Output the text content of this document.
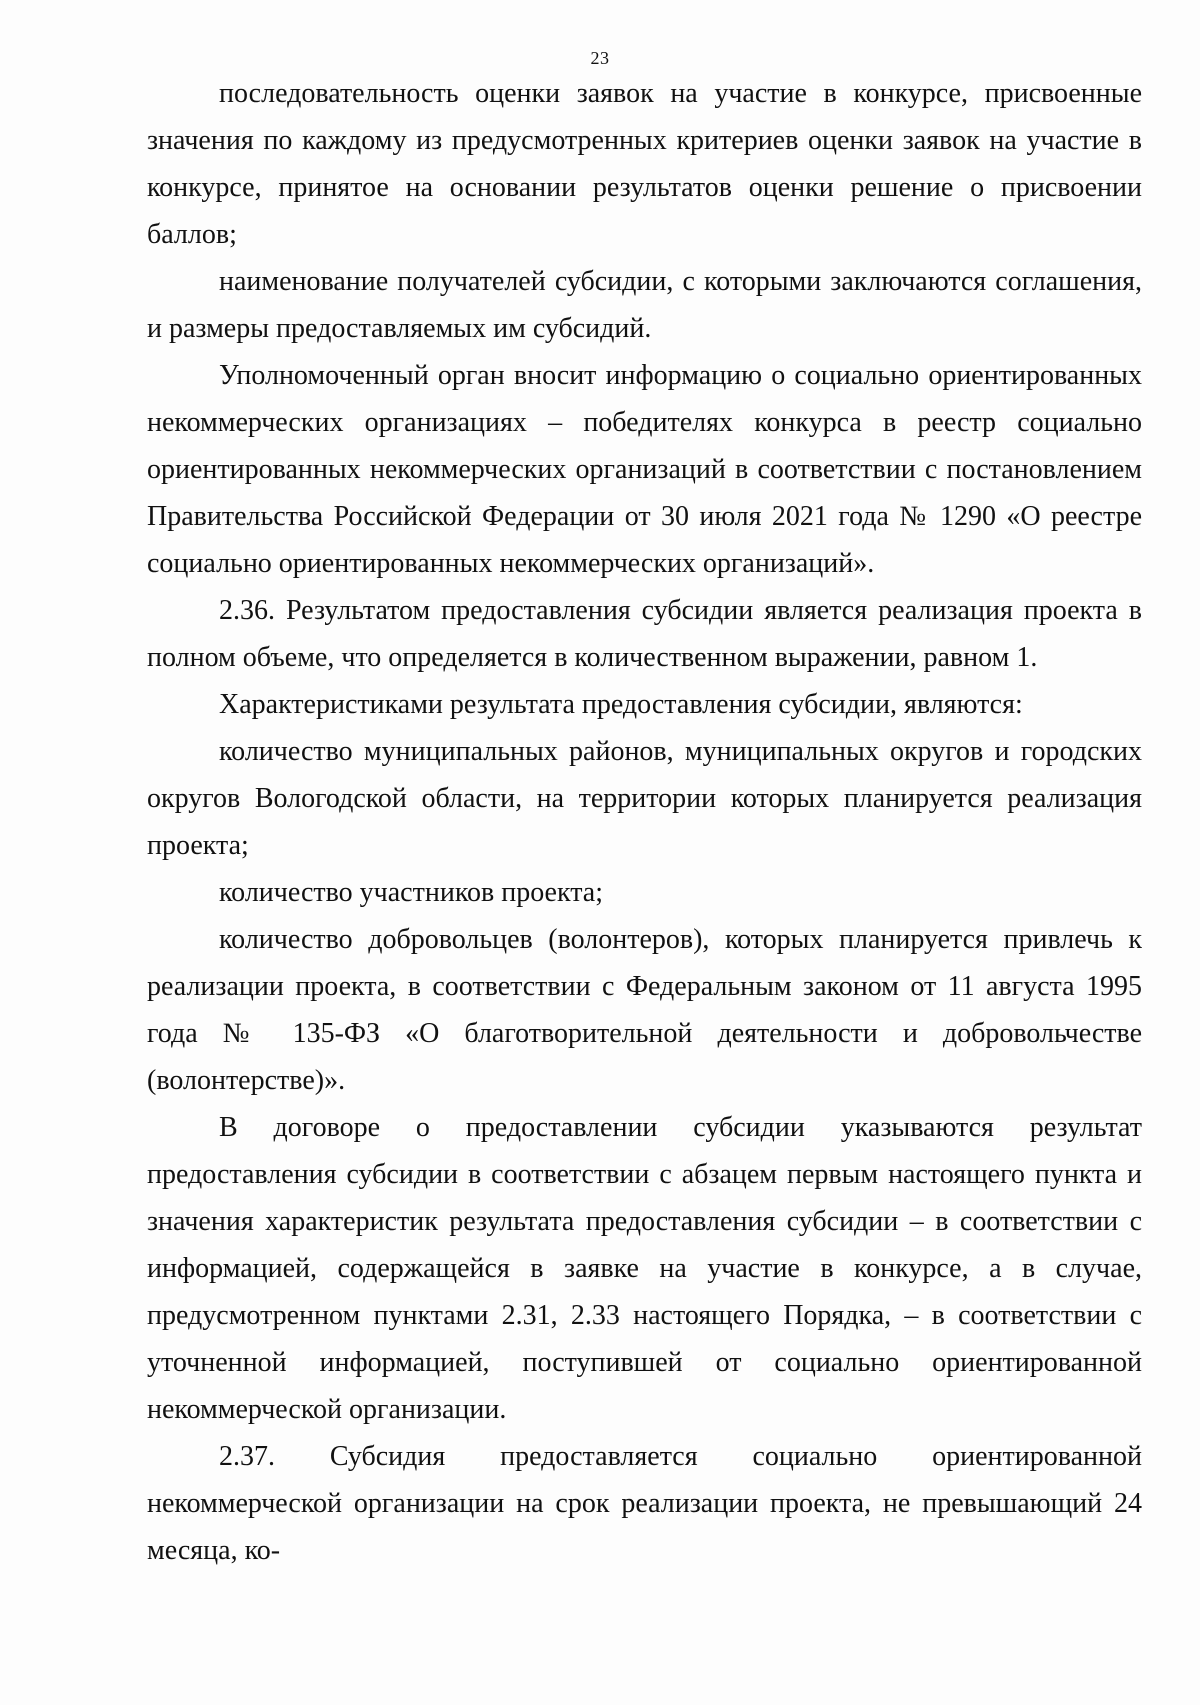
23

последовательность оценки заявок на участие в конкурсе, присвоенные значения по каждому из предусмотренных критериев оценки заявок на участие в конкурсе, принятое на основании результатов оценки решение о присвоении баллов;

наименование получателей субсидии, с которыми заключаются соглашения, и размеры предоставляемых им субсидий.

Уполномоченный орган вносит информацию о социально ориентированных некоммерческих организациях – победителях конкурса в реестр социально ориентированных некоммерческих организаций в соответствии с постановлением Правительства Российской Федерации от 30 июля 2021 года № 1290 «О реестре социально ориентированных некоммерческих организаций».

2.36. Результатом предоставления субсидии является реализация проекта в полном объеме, что определяется в количественном выражении, равном 1.

Характеристиками результата предоставления субсидии, являются:

количество муниципальных районов, муниципальных округов и городских округов Вологодской области, на территории которых планируется реализация проекта;

количество участников проекта;

количество добровольцев (волонтеров), которых планируется привлечь к реализации проекта, в соответствии с Федеральным законом от 11 августа 1995 года № 135-ФЗ «О благотворительной деятельности и добровольчестве (волонтерстве)».

В договоре о предоставлении субсидии указываются результат предоставления субсидии в соответствии с абзацем первым настоящего пункта и значения характеристик результата предоставления субсидии – в соответствии с информацией, содержащейся в заявке на участие в конкурсе, а в случае, предусмотренном пунктами 2.31, 2.33 настоящего Порядка, – в соответствии с уточненной информацией, поступившей от социально ориентированной некоммерческой организации.

2.37. Субсидия предоставляется социально ориентированной некоммерческой организации на срок реализации проекта, не превышающий 24 месяца, ко-
